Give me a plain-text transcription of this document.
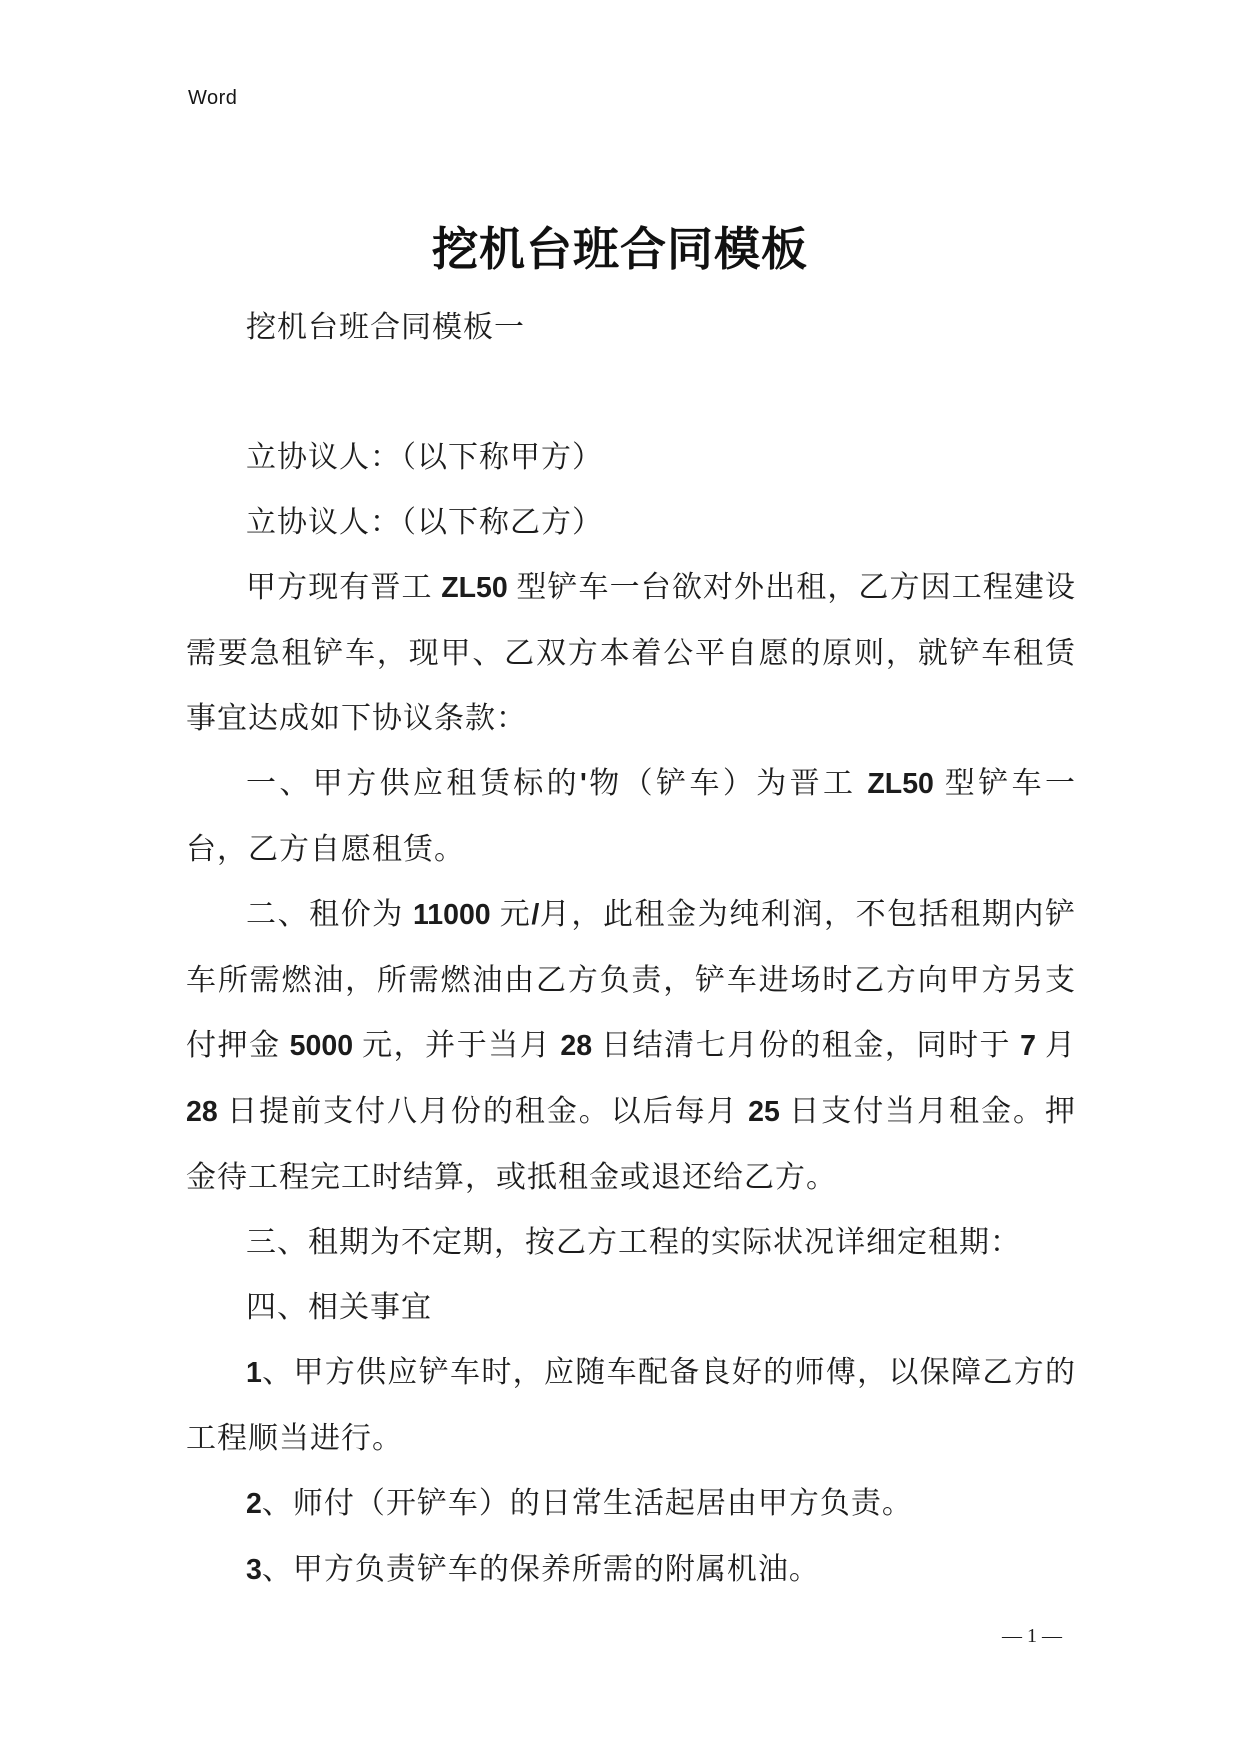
Word
挖机台班合同模板

挖机台班合同模板一

立协议人：（以下称甲方）

立协议人：（以下称乙方）

甲方现有晋工 ZL50 型铲车一台欲对外出租，乙方因工程建设需要急租铲车，现甲、乙双方本着公平自愿的原则，就铲车租赁事宜达成如下协议条款：

一、甲方供应租赁标的'物（铲车）为晋工 ZL50 型铲车一台，乙方自愿租赁。

二、租价为 11000 元/月，此租金为纯利润，不包括租期内铲车所需燃油，所需燃油由乙方负责，铲车进场时乙方向甲方另支付押金 5000 元，并于当月 28 日结清七月份的租金，同时于 7 月 28 日提前支付八月份的租金。以后每月 25 日支付当月租金。押金待工程完工时结算，或抵租金或退还给乙方。

三、租期为不定期，按乙方工程的实际状况详细定租期：

四、相关事宜

1、甲方供应铲车时，应随车配备良好的师傅，以保障乙方的工程顺当进行。

2、师付（开铲车）的日常生活起居由甲方负责。

3、甲方负责铲车的保养所需的附属机油。

— 1 —
